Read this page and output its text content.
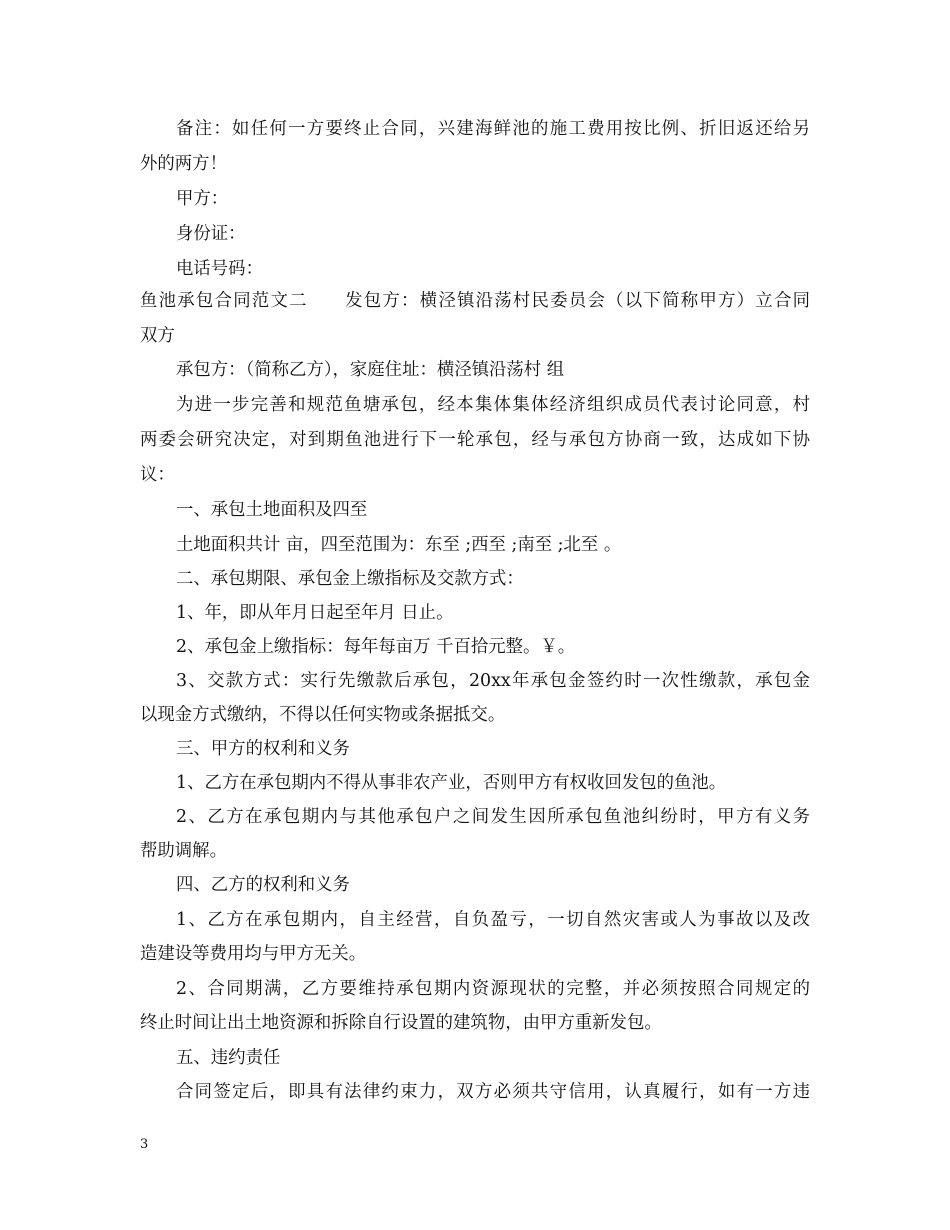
备注：如任何一方要终止合同，兴建海鲜池的施工费用按比例、折旧返还给另
外的两方！
甲方：
身份证：
电话号码：
鱼池承包合同范文二　　发包方：横泾镇沿荡村民委员会（以下简称甲方）立合同
双方
承包方：（简称乙方），家庭住址：横泾镇沿荡村 组
为进一步完善和规范鱼塘承包，经本集体集体经济组织成员代表讨论同意，村
两委会研究决定，对到期鱼池进行下一轮承包，经与承包方协商一致，达成如下协
议：
一、承包土地面积及四至
土地面积共计 亩，四至范围为：东至 ;西至 ;南至 ;北至 。
二、承包期限、承包金上缴指标及交款方式：
1、年，即从年月日起至年月 日止。
2、承包金上缴指标：每年每亩万 千百拾元整。￥。
3、交款方式：实行先缴款后承包，20xx年承包金签约时一次性缴款，承包金
以现金方式缴纳，不得以任何实物或条据抵交。
三、甲方的权利和义务
1、乙方在承包期内不得从事非农产业，否则甲方有权收回发包的鱼池。
2、乙方在承包期内与其他承包户之间发生因所承包鱼池纠纷时，甲方有义务
帮助调解。
四、乙方的权利和义务
1、乙方在承包期内，自主经营，自负盈亏，一切自然灾害或人为事故以及改
造建设等费用均与甲方无关。
2、合同期满，乙方要维持承包期内资源现状的完整，并必须按照合同规定的
终止时间让出土地资源和拆除自行设置的建筑物，由甲方重新发包。
五、违约责任
合同签定后，即具有法律约束力，双方必须共守信用，认真履行，如有一方违
3
